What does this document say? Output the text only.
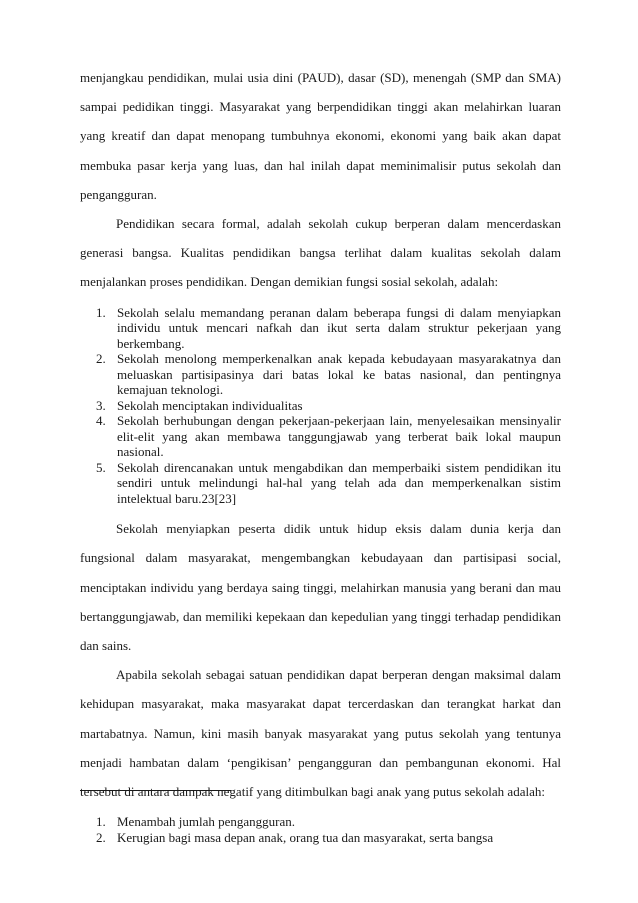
menjangkau pendidikan, mulai usia dini (PAUD), dasar (SD), menengah (SMP dan SMA) sampai pedidikan tinggi. Masyarakat yang berpendidikan tinggi akan melahirkan luaran yang kreatif dan dapat menopang tumbuhnya ekonomi, ekonomi yang baik akan dapat membuka pasar kerja yang luas, dan hal inilah dapat meminimalisir putus sekolah dan pengangguran.

Pendidikan secara formal, adalah sekolah cukup berperan dalam mencerdaskan generasi bangsa. Kualitas pendidikan bangsa terlihat dalam kualitas sekolah dalam menjalankan proses pendidikan. Dengan demikian fungsi sosial sekolah, adalah:

1. Sekolah selalu memandang peranan dalam beberapa fungsi di dalam menyiapkan individu untuk mencari nafkah dan ikut serta dalam struktur pekerjaan yang berkembang.
2. Sekolah menolong memperkenalkan anak kepada kebudayaan masyarakatnya dan meluaskan partisipasinya dari batas lokal ke batas nasional, dan pentingnya kemajuan teknologi.
3. Sekolah menciptakan individualitas
4. Sekolah berhubungan dengan pekerjaan-pekerjaan lain, menyelesaikan mensinyalir elit-elit yang akan membawa tanggungjawab yang terberat baik lokal maupun nasional.
5. Sekolah direncanakan untuk mengabdikan dan memperbaiki sistem pendidikan itu sendiri untuk melindungi hal-hal yang telah ada dan memperkenalkan sistim intelektual baru.23[23]

Sekolah menyiapkan peserta didik untuk hidup eksis dalam dunia kerja dan fungsional dalam masyarakat, mengembangkan kebudayaan dan partisipasi social, menciptakan individu yang berdaya saing tinggi, melahirkan manusia yang berani dan mau bertanggungjawab, dan memiliki kepekaan dan kepedulian yang tinggi terhadap pendidikan dan sains.

Apabila sekolah sebagai satuan pendidikan dapat berperan dengan maksimal dalam kehidupan masyarakat, maka masyarakat dapat tercerdaskan dan terangkat harkat dan martabatnya. Namun, kini masih banyak masyarakat yang putus sekolah yang tentunya menjadi hambatan dalam ‘pengikisan’ pengangguran dan pembangunan ekonomi. Hal tersebut di antara dampak negatif yang ditimbulkan bagi anak yang putus sekolah adalah:

1. Menambah jumlah pengangguran.
2. Kerugian bagi masa depan anak, orang tua dan masyarakat, serta bangsa
